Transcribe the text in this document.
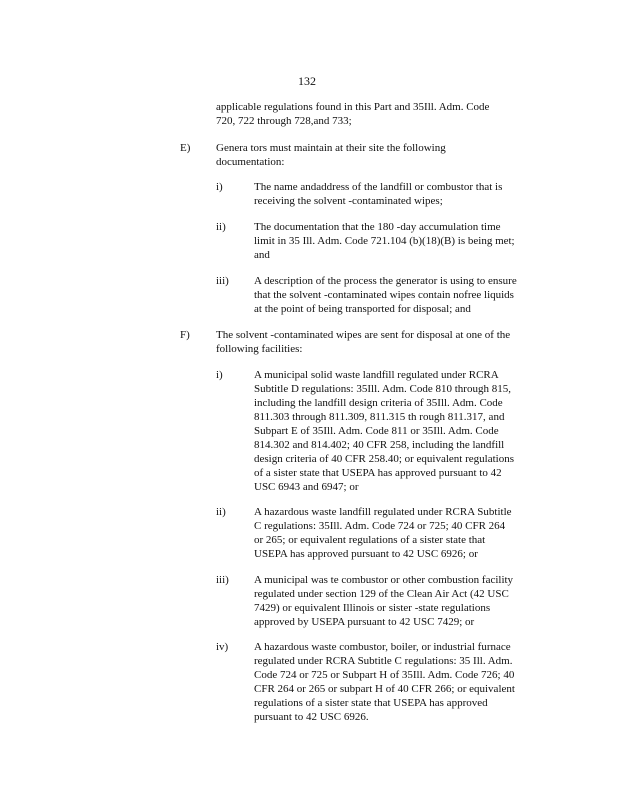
132
applicable regulations found in this Part and 35Ill. Adm. Code
720, 722 through 728,and 733;
E) Genera tors must maintain at their site the following
documentation:
i)	The name andaddress of the landfill or combustor that is
receiving the solvent -contaminated wipes;
ii)	The documentation that the 180 -day accumulation time
limit in 35 Ill. Adm. Code 721.104 (b)(18)(B) is being met;
and
iii) A description of the process the generator is using to ensure
that the solvent -contaminated wipes contain nofree liquids
at the point of being transported for disposal; and
F) The solvent -contaminated wipes are sent for disposal at one of the
following facilities:
i)	A municipal solid waste landfill regulated under RCRA
Subtitle D regulations: 35Ill. Adm. Code 810 through 815,
including the landfill design criteria of 35Ill. Adm. Code
811.303 through 811.309, 811.315 th rough 811.317, and
Subpart E of 35Ill. Adm. Code 811 or 35Ill. Adm. Code
814.302 and 814.402; 40 CFR 258, including the landfill
design criteria of 40 CFR 258.40; or equivalent regulations
of a sister state that USEPA has approved pursuant to 42
USC 6943 and 6947; or
ii)	A hazardous waste landfill regulated under RCRA Subtitle
C regulations: 35Ill. Adm. Code 724 or 725; 40 CFR 264
or 265; or equivalent regulations of a sister state that
USEPA has approved pursuant to 42 USC 6926; or
iii) A municipal was te combustor or other combustion facility
regulated under section 129 of the Clean Air Act (42 USC
7429) or equivalent Illinois or sister -state regulations
approved by USEPA pursuant to 42 USC 7429; or
iv) A hazardous waste combustor, boiler, or industrial furnace
regulated under RCRA Subtitle C regulations: 35 Ill. Adm.
Code 724 or 725 or Subpart H of 35Ill. Adm. Code 726; 40
CFR 264 or 265 or subpart H of 40 CFR 266; or equivalent
regulations of a sister state that USEPA has approved
pursuant to 42 USC 6926.
